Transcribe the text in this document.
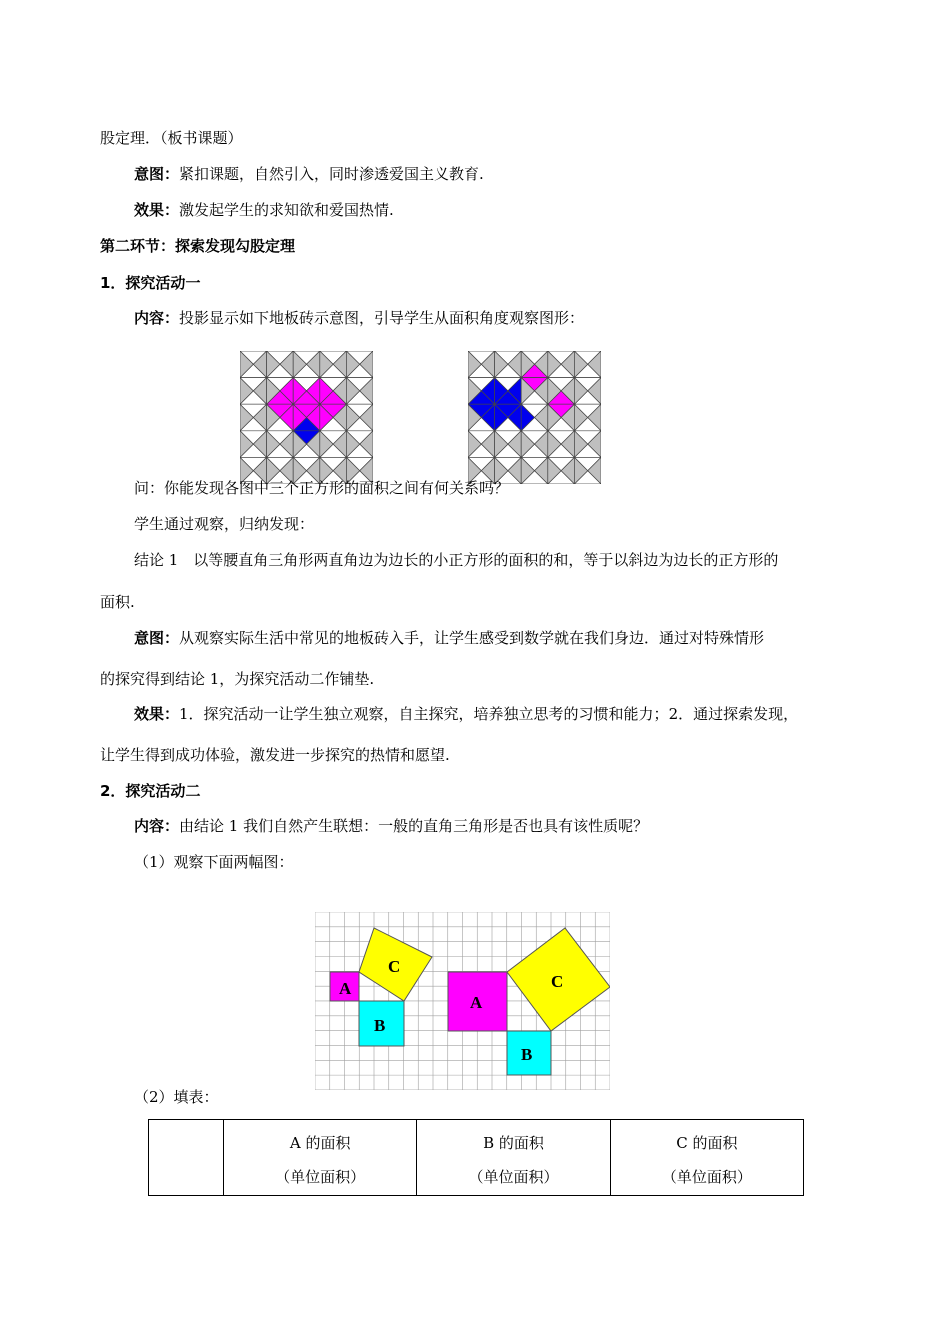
股定理．（板书课题）
意图：紧扣课题，自然引入，同时渗透爱国主义教育.
效果：激发起学生的求知欲和爱国热情.
第二环节：探索发现勾股定理
1．探究活动一
内容：投影显示如下地板砖示意图，引导学生从面积角度观察图形：
问：你能发现各图中三个正方形的面积之间有何关系吗？
学生通过观察，归纳发现：
结论 1　以等腰直角三角形两直角边为边长的小正方形的面积的和，等于以斜边为边长的正方形的
面积.
意图：从观察实际生活中常见的地板砖入手，让学生感受到数学就在我们身边．通过对特殊情形
的探究得到结论 1，为探究活动二作铺垫.
效果：1．探究活动一让学生独立观察，自主探究，培养独立思考的习惯和能力；2．通过探索发现，
让学生得到成功体验，激发进一步探究的热情和愿望.
2．探究活动二
内容：由结论 1 我们自然产生联想：一般的直角三角形是否也具有该性质呢？
（1）观察下面两幅图：
A
B
C
A
B
C
（2）填表：

A 的面积
（单位面积）

B 的面积
（单位面积）

C 的面积
（单位面积）
